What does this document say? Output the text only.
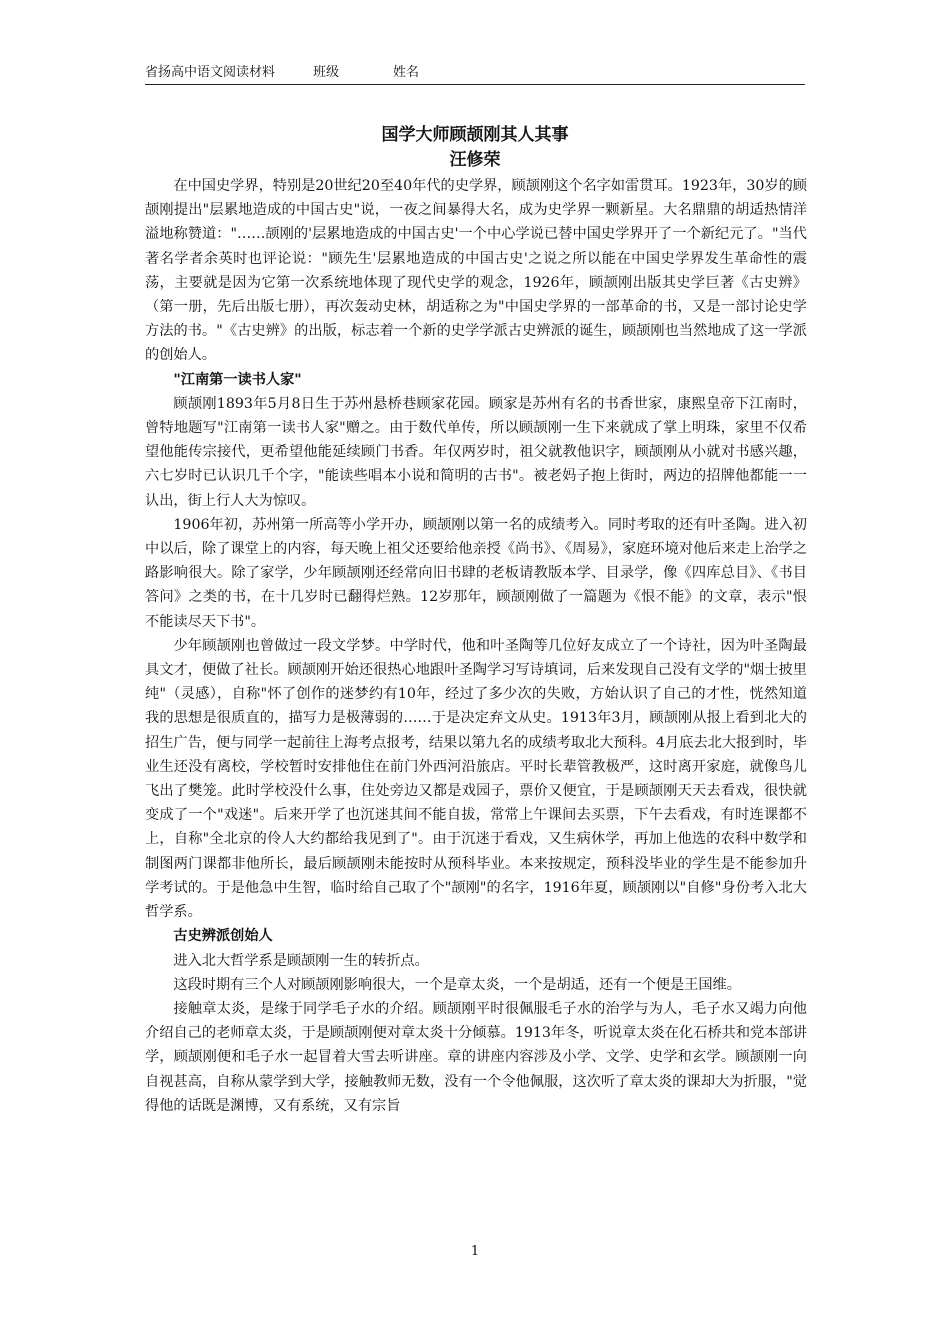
省扬高中语文阅读材料	班级	姓名
国学大师顾颉刚其人其事
汪修荣

在中国史学界，特别是20世纪20至40年代的史学界，顾颉刚这个名字如雷贯耳。1923年，30岁的顾颉刚提出"层累地造成的中国古史"说，一夜之间暴得大名，成为史学界一颗新星。大名鼎鼎的胡适热情洋溢地称赞道："……颉刚的'层累地造成的中国古史'一个中心学说已替中国史学界开了一个新纪元了。"当代著名学者余英时也评论说："顾先生'层累地造成的中国古史'之说之所以能在中国史学界发生革命性的震荡，主要就是因为它第一次系统地体现了现代史学的观念，1926年，顾颉刚出版其史学巨著《古史辨》（第一册，先后出版七册），再次轰动史林，胡适称之为"中国史学界的一部革命的书，又是一部讨论史学方法的书。"《古史辨》的出版，标志着一个新的史学学派古史辨派的诞生，顾颉刚也当然地成了这一学派的创始人。

"江南第一读书人家"

顾颉刚1893年5月8日生于苏州悬桥巷顾家花园。顾家是苏州有名的书香世家，康熙皇帝下江南时，曾特地题写"江南第一读书人家"赠之。由于数代单传，所以顾颉刚一生下来就成了掌上明珠，家里不仅希望他能传宗接代，更希望他能延续顾门书香。年仅两岁时，祖父就教他识字，顾颉刚从小就对书感兴趣，六七岁时已认识几千个字，"能读些唱本小说和简明的古书"。被老妈子抱上街时，两边的招牌他都能一一认出，街上行人大为惊叹。

1906年初，苏州第一所高等小学开办，顾颉刚以第一名的成绩考入。同时考取的还有叶圣陶。进入初中以后，除了课堂上的内容，每天晚上祖父还要给他亲授《尚书》、《周易》，家庭环境对他后来走上治学之路影响很大。除了家学，少年顾颉刚还经常向旧书肆的老板请教版本学、目录学，像《四库总目》、《书目答问》之类的书，在十几岁时已翻得烂熟。12岁那年，顾颉刚做了一篇题为《恨不能》的文章，表示"恨不能读尽天下书"。

少年顾颉刚也曾做过一段文学梦。中学时代，他和叶圣陶等几位好友成立了一个诗社，因为叶圣陶最具文才，便做了社长。顾颉刚开始还很热心地跟叶圣陶学习写诗填词，后来发现自己没有文学的"烟士披里纯"（灵感），自称"怀了创作的迷梦约有10年，经过了多少次的失败，方始认识了自己的才性，恍然知道我的思想是很质直的，描写力是极薄弱的……于是决定弃文从史。1913年3月，顾颉刚从报上看到北大的招生广告，便与同学一起前往上海考点报考，结果以第九名的成绩考取北大预科。4月底去北大报到时，毕业生还没有离校，学校暂时安排他住在前门外西河沿旅店。平时长辈管教极严，这时离开家庭，就像鸟儿飞出了樊笼。此时学校没什么事，住处旁边又都是戏园子，票价又便宜，于是顾颉刚天天去看戏，很快就变成了一个"戏迷"。后来开学了也沉迷其间不能自拔，常常上午课间去买票，下午去看戏，有时连课都不上，自称"全北京的伶人大约都给我见到了"。由于沉迷于看戏，又生病休学，再加上他选的农科中数学和制图两门课都非他所长，最后顾颉刚未能按时从预科毕业。本来按规定，预科没毕业的学生是不能参加升学考试的。于是他急中生智，临时给自己取了个"颉刚"的名字，1916年夏，顾颉刚以"自修"身份考入北大哲学系。

古史辨派创始人

进入北大哲学系是顾颉刚一生的转折点。

这段时期有三个人对顾颉刚影响很大，一个是章太炎，一个是胡适，还有一个便是王国维。

接触章太炎，是缘于同学毛子水的介绍。顾颉刚平时很佩服毛子水的治学与为人，毛子水又竭力向他介绍自己的老师章太炎，于是顾颉刚便对章太炎十分倾慕。1913年冬，听说章太炎在化石桥共和党本部讲学，顾颉刚便和毛子水一起冒着大雪去听讲座。章的讲座内容涉及小学、文学、史学和玄学。顾颉刚一向自视甚高，自称从蒙学到大学，接触教师无数，没有一个令他佩服，这次听了章太炎的课却大为折服，"觉得他的话既是渊博，又有系统，又有宗旨

1
